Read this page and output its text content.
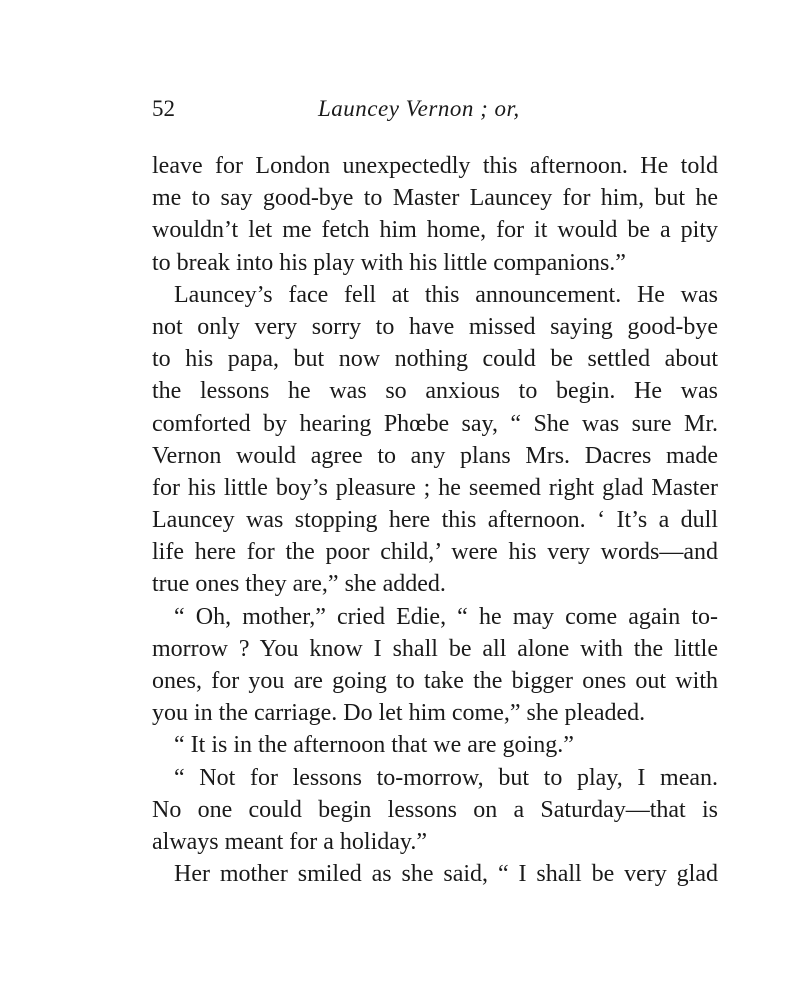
52	Launcey Vernon ; or,
leave for London unexpectedly this afternoon. He told
me to say good-bye to Master Launcey for him, but he
wouldn’t let me fetch him home, for it would be a pity
to break into his play with his little companions.”
Launcey’s face fell at this announcement. He was
not only very sorry to have missed saying good-bye
to his papa, but now nothing could be settled about
the lessons he was so anxious to begin. He was
comforted by hearing Phœbe say, “ She was sure Mr.
Vernon would agree to any plans Mrs. Dacres made
for his little boy’s pleasure ; he seemed right glad Master
Launcey was stopping here this afternoon. ‘ It’s a dull
life here for the poor child,’ were his very words—and
true ones they are,” she added.
“ Oh, mother,” cried Edie, “ he may come again to-
morrow ? You know I shall be all alone with the little
ones, for you are going to take the bigger ones out with
you in the carriage. Do let him come,” she pleaded.
“ It is in the afternoon that we are going.”
“ Not for lessons to-morrow, but to play, I mean.
No one could begin lessons on a Saturday—that is
always meant for a holiday.”
Her mother smiled as she said, “ I shall be very glad
